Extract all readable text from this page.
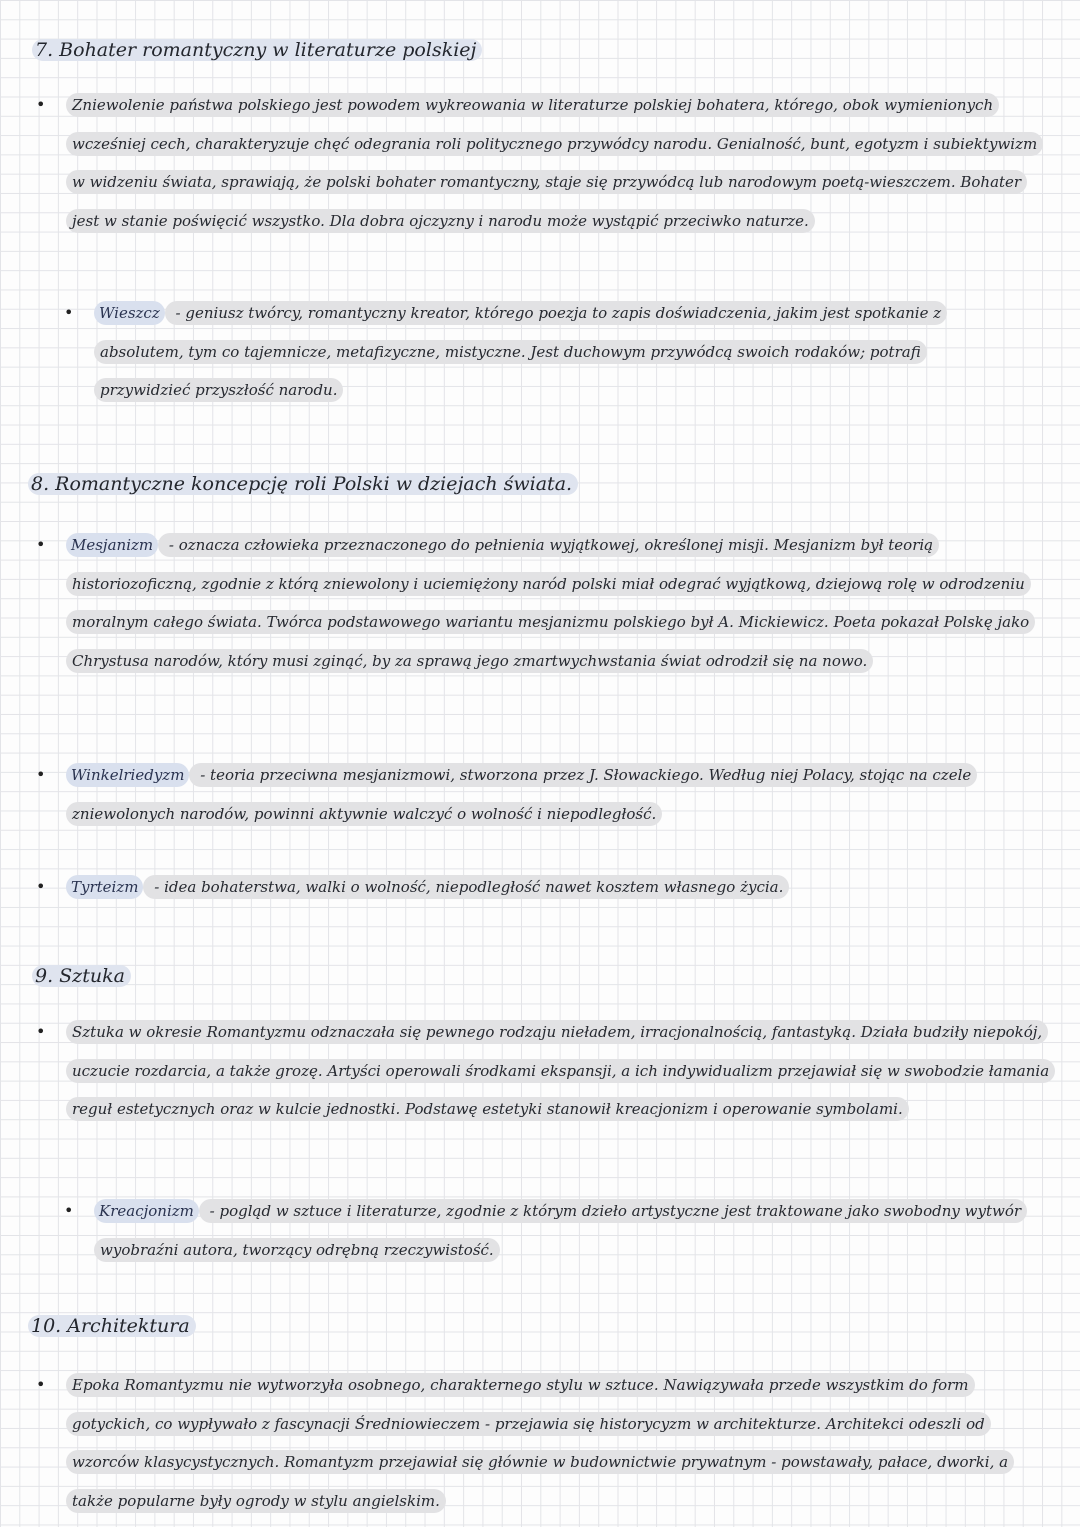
7. Bohater romantyczny w literaturze polskiej
•	Zniewolenie państwa polskiego jest powodem wykreowania w literaturze polskiej bohatera, którego, obok wymienionych wcześniej cech, charakteryzuje chęć odegrania roli politycznego przywódcy narodu. Genialność, bunt, egotyzm i subiektywizm w widzeniu świata, sprawiają, że polski bohater romantyczny, staje się przywódcą lub narodowym poetą-wieszczem. Bohater jest w stanie poświęcić wszystko. Dla dobra ojczyzny i narodu może wystąpić przeciwko naturze.
•	Wieszcz - geniusz twórcy, romantyczny kreator, którego poezja to zapis doświadczenia, jakim jest spotkanie z absolutem, tym co tajemnicze, metafizyczne, mistyczne. Jest duchowym przywódcą swoich rodaków; potrafi przywidzieć przyszłość narodu.
8. Romantyczne koncepcję roli Polski w dziejach świata.
•	Mesjanizm - oznacza człowieka przeznaczonego do pełnienia wyjątkowej, określonej misji. Mesjanizm był teorią historiozoficzną, zgodnie z którą zniewolony i uciemiężony naród polski miał odegrać wyjątkową, dziejową rolę w odrodzeniu moralnym całego świata. Twórca podstawowego wariantu mesjanizmu polskiego był A. Mickiewicz. Poeta pokazał Polskę jako Chrystusa narodów, który musi zginąć, by za sprawą jego zmartwychwstania świat odrodził się na nowo.
•	Winkelriedyzm - teoria przeciwna mesjanizmowi, stworzona przez J. Słowackiego. Według niej Polacy, stojąc na czele zniewolonych narodów, powinni aktywnie walczyć o wolność i niepodległość.
•	Tyrteizm - idea bohaterstwa, walki o wolność, niepodległość nawet kosztem własnego życia.
9. Sztuka
•	Sztuka w okresie Romantyzmu odznaczała się pewnego rodzaju nieładem, irracjonalnością, fantastyką. Działa budziły niepokój, uczucie rozdarcia, a także grozę. Artyści operowali środkami ekspansji, a ich indywidualizm przejawiał się w swobodzie łamania reguł estetycznych oraz w kulcie jednostki. Podstawę estetyki stanowił kreacjonizm i operowanie symbolami.
•	Kreacjonizm - pogląd w sztuce i literaturze, zgodnie z którym dzieło artystyczne jest traktowane jako swobodny wytwór wyobraźni autora, tworzący odrębną rzeczywistość.
10. Architektura
•	Epoka Romantyzmu nie wytworzyła osobnego, charakternego stylu w sztuce. Nawiązywała przede wszystkim do form gotyckich, co wypływało z fascynacji Średniowieczem - przejawia się historycyzm w architekturze. Architekci odeszli od wzorców klasycystycznych. Romantyzm przejawiał się głównie w budownictwie prywatnym - powstawały, pałace, dworki, a także popularne były ogrody w stylu angielskim.
